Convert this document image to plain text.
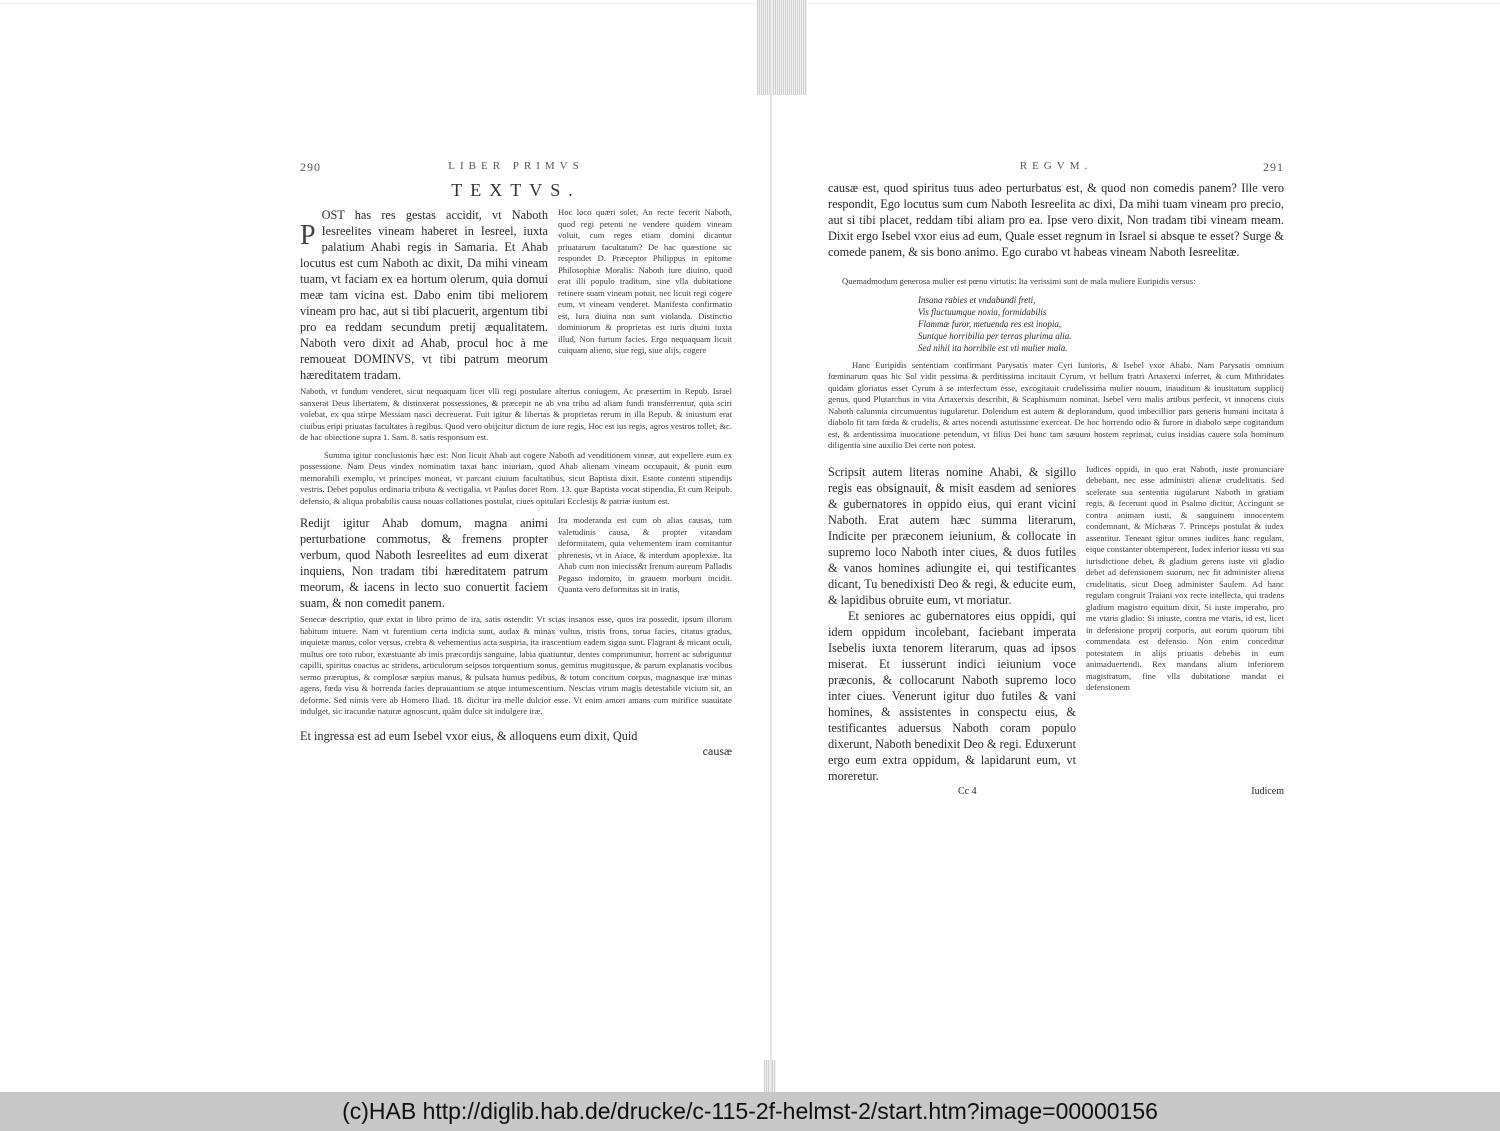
290	LIBER PRIMVS
TEXTVS.
P
OST has res gestas accidit, vt Naboth Iesreelites vineam haberet in Iesreel, iuxta palatium Ahabi regis in Samaria. Et Ahab locutus est cum Naboth ac dixit, Da mihi vineam tuam, vt faciam ex ea hortum olerum, quia domui meæ tam vicina est. Dabo enim tibi meliorem vineam pro hac, aut si tibi placuerit, argentum tibi pro ea reddam secundum pretij æqualitatem. Naboth vero dixit ad Ahab, procul hoc à me remoueat DOMINVS, vt tibi patrum meorum hæreditatem tradam.
Hoc loco quæri solet, An recte fecerit Naboth, quod regi petenti ne vendere quidem vineam voluit, cum reges etiam domini dicantur priuatarum facultatum? De hac quæstione sic respondet D. Præceptor Philippus in epitome Philosophiæ Moralis: Naboth iure diuino, quod erat illi populo traditum, sine vlla dubitatione retinere suam vineam potuit, nec licuit regi cogere eum, vt vineam venderet. Manifesta confirmatio est, Iura diuina non sunt violanda. Distinctio dominiorum & proprietas est iuris diuini iuxta illud, Non furtum facies. Ergo nequaquam licuit cuiquam alieno, siue regi, siue alijs, cogere
Naboth, vt fundum venderet, sicut nequaquam licet vlli regi postulare alterius coniugem, Ac præsertim in Repub. Israel sanxerat Deus libertatem, & distinxerat possessiones, & præcepit ne ab vna tribu ad aliam fundi transferrentur, quia sciri volebat, ex qua stirpe Messiam nasci decreuerat. Fuit igitur & libertas & proprietas rerum in illa Repub. & iniustum erat ciuibus eripi priuatas facultates à regibus. Quod vero obijcitur dictum de iure regis, Hoc est ius regis, agros vestros tollet, &c. de hac obiectione supra 1. Sam. 8. satis responsum est.
Summa igitur conclusionis hæc est: Non licuit Ahab aut cogere Naboth ad venditionem vineæ, aut expellere eum ex possessione. Nam Deus vindex nominatim taxat hanc iniuriam, quod Ahab alienam vineam occupauit, & punit eum memorabili exemplo, vt principes moneat, vt parcant ciuium facultatibus, sicut Baptista dixit. Estote contenti stipendijs vestris. Debet populus ordinaria tributa & vectigalia, vt Paulus docet Rom. 13. quæ Baptista vocat stipendia. Et cum Reipub. defensio, & aliqua probabilis causa nouas collationes postulat, ciues opitulari Ecclesijs & patriæ iustum est.
Redijt igitur Ahab domum, magna animi perturbatione commotus, & fremens propter verbum, quod Naboth Iesreelites ad eum dixerat inquiens, Non tradam tibi hæreditatem patrum meorum, & iacens in lecto suo conuertit faciem suam, & non comedit panem.
Ira moderanda est cum ob alias causas, tum valetudinis causa, & propter vitandam deformitatem, quia vehementem iram comitantur phrenesis, vt in Aiace, & interdum apoplexiæ. Ita Ahab cum non inieciss&t frenum aureum Palladis Pegaso indomito, in grauem morbum incidit. Quanta vero deformitas sit in iratis,
Senecæ descriptio, quæ extat in libro primo de ira, satis ostendit: Vt scias insanos esse, quos ira possedit, ipsum illorum habitum intuere. Nam vt furentium certa indicia sunt, audax & minax vultus, tristis frons, torua facies, citatus gradus, inquietæ manus, color versus, crebra & vehementius acta suspiria, ita irascentium eadem signa sunt. Flagrant & micant oculi, multus ore toto rubor, exæstuante ab imis præcordijs sanguine, labia quatiuntur, dentes comprimuntur, horrent ac subriguntur capilli, spiritus coactus ac stridens, articulorum seipsos torquentium sonus, gemitus mugitusque, & parum explanatis vocibus sermo præruptus, & complosæ sæpius manus, & pulsata humus pedibus, & totum concitum corpus, magnasque iræ minas agens, fœda visu & horrenda facies deprauantium se atque intumescentium. Nescias vtrum magis detestabile vicium sit, an deforme. Sed nimis vere ab Homero Iliad. 18. dicitur ira melle dulcior esse. Vt enim amori amans cum mirifice suauitate indulget, sic iracundæ naturæ agnoscunt, quàm dulce sit indulgere iræ.
Et ingressa est ad eum Isebel vxor eius, & alloquens eum dixit, Quid
causæ
REGVM.	291
causæ est, quod spiritus tuus adeo perturbatus est, & quod non comedis panem? Ille vero respondit, Ego locutus sum cum Naboth Iesreelita ac dixi, Da mihi tuam vineam pro precio, aut si tibi placet, reddam tibi aliam pro ea. Ipse vero dixit, Non tradam tibi vineam meam. Dixit ergo Isebel vxor eius ad eum, Quale esset regnum in Israel si absque te esset? Surge & comede panem, & sis bono animo. Ego curabo vt habeas vineam Naboth Iesreelitæ.
Quemadmodum generosa mulier est pœnu virtutis: Ita verissimi sunt de mala muliere Euripidis versus:
Insana rabies et vndabundi freti,
Vis fluctuumque noxia, formidabilis
Flammæ furor, metuenda res est inopia,
Suntque horribilia per terras plurima alia.
Sed nihil ita horribile est vti mulier mala.
Hanc Euripidis sententiam confirmant Parysatis mater Cyri Iunioris, & Isebel vxor Ahabi. Nam Parysatis omnium fœminarum quas hic Sol vidit pessima & perditissima incitauit Cyrum, vt bellum fratri Artaxerxi inferret, & cum Mithridates quidam gloriatus esset Cyrum à se interfectum esse, excogitauit crudelissima mulier nouum, inauditum & inusitatum supplicij genus, quod Plutarchus in vita Artaxerxis describit, & Scaphismum nominat. Isebel vero malis artibus perfecit, vt innocens ciuis Naboth calumnia circumuentus iugularetur. Dolendum est autem & deplorandum, quod imbecillior pars generis humani incitata à diabolo fit tam fœda & crudelis, & artes nocendi astutissime exerceat. De hoc horrendo odio & furore in diabolo sæpe cogitandum est, & ardentissima inuocatione petendum, vt filius Dei hunc tam sæuum hostem reprimat, cuius insidias cauere sola hominum diligentia sine auxilio Dei certe non potest.
Scripsit autem literas nomine Ahabi, & sigillo regis eas obsignauit, & misit easdem ad seniores & gubernatores in oppido eius, qui erant vicini Naboth. Erat autem hæc summa literarum, Indicite per præconem ieiunium, & collocate in supremo loco Naboth inter ciues, & duos futiles & vanos homines adiungite ei, qui testificantes dicant, Tu benedixisti Deo & regi, & educite eum, & lapidibus obruite eum, vt moriatur.
Et seniores ac gubernatores eius oppidi, qui idem oppidum incolebant, faciebant imperata Isebelis iuxta tenorem literarum, quas ad ipsos miserat. Et iusserunt indici ieiunium voce præconis, & collocarunt Naboth supremo loco inter ciues. Venerunt igitur duo futiles & vani homines, & assistentes in conspectu eius, & testificantes aduersus Naboth coram populo dixerunt, Naboth benedixit Deo & regi. Eduxerunt ergo eum extra oppidum, & lapidarunt eum, vt moreretur.
Iudices oppidi, in quo erat Naboth, iuste pronunciare debebant, nec esse administri alienæ crudelitatis. Sed scelerate sua sententia iugularunt Naboth in gratiam regis, & fecerunt quod in Psalmo dicitur, Accingunt se contra animam iusti, & sanguinem innocentem condemnant, & Michæas 7. Princeps postulat & iudex assentitur. Teneant igitur omnes iudices hanc regulam, eique constanter obtemperent, Iudex inferior iussu vti sua iurisdictione debet, & gladium gerens iuste vti gladio debet ad defensionem suorum, nec fit administer aliena crudelitatis, sicut Doeg administer Saulem. Ad hanc regulam congruit Traiani vox recte intellecta, qui tradens gladium magistro equitum dixit, Si iuste imperabo, pro me vtaris gladio: Si iniuste, contra me vtaris, id est, licet in defensione proprij corporis, aut eorum quorum tibi commendata est defensio. Non enim conceditur potestatem in alijs priuatis debebis in eum animaduertendi. Rex mandans alium inferiorem magistratum, fine vlla dubitatione mandat ei defensionem
Cc 4	Iudicem
(c)HAB http://diglib.hab.de/drucke/c-115-2f-helmst-2/start.htm?image=00000156
